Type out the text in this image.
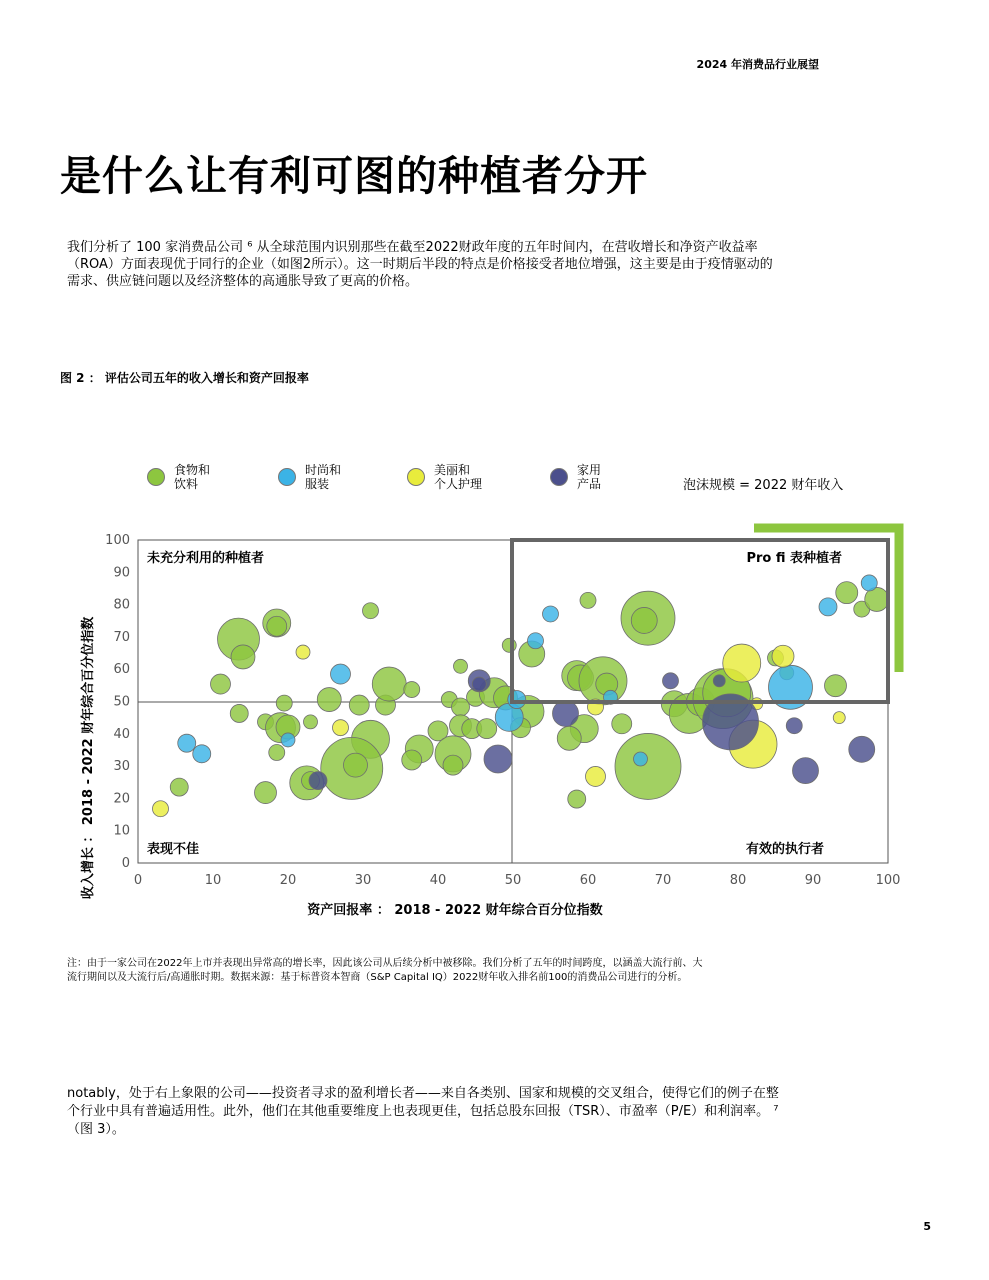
2024 年消费品行业展望
是什么让有利可图的种植者分开
我们分析了 100 家消费品公司 ⁶ 从全球范围内识别那些在截至2022财政年度的五年时间内，在营收增长和净资产收益率（ROA）方面表现优于同行的企业（如图2所示）。这一时期后半段的特点是价格接受者地位增强，这主要是由于疫情驱动的需求、供应链问题以及经济整体的高通胀导致了更高的价格。
图 2 ： 评估公司五年的收入增长和资产回报率
食物和
饮料
时尚和
服装
美丽和
个人护理
家用
产品	泡沫规模 = 2022 财年收入
0	10	20	30	40	50	60	70	80	90	100
0
10
20
30
40
50
60
70
80
90
100
未充分利用的种植者	Pro fi 表种植者
表现不佳	有效的执行者
资产回报率 ： 2018 - 2022 财年综合百分位指数
收入增长 ： 2018 - 2022 财年综合百分位指数
注：由于一家公司在2022年上市并表现出异常高的增长率，因此该公司从后续分析中被移除。我们分析了五年的时间跨度，以涵盖大流行前、大流行期间以及大流行后/高通胀时期。数据来源：基于标普资本智商（S&P Capital IQ）2022财年收入排名前100的消费品公司进行的分析。
notably，处于右上象限的公司——投资者寻求的盈利增长者——来自各类别、国家和规模的交叉组合，使得它们的例子在整个行业中具有普遍适用性。此外，他们在其他重要维度上也表现更佳，包括总股东回报（TSR）、市盈率（P/E）和利润率。 ⁷ （图 3）。
5
